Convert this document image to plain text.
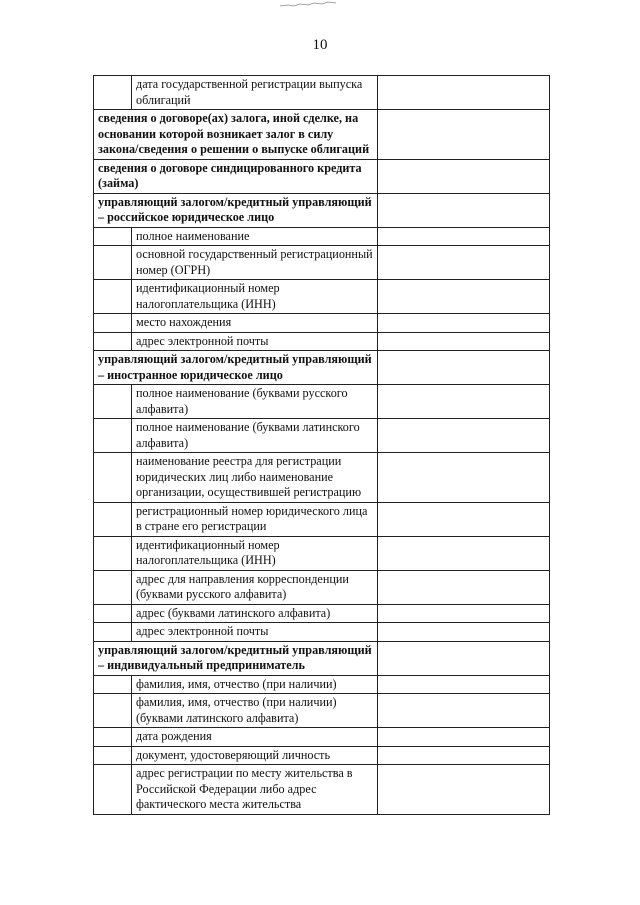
10
	дата государственной регистрации выпуска облигаций	
сведения о договоре(ах) залога, иной сделке, на основании которой возникает залог в силу закона/сведения о решении о выпуске облигаций		
сведения о договоре синдицированного кредита (займа)		
управляющий залогом/кредитный управляющий – российское юридическое лицо		
	полное наименование	
	основной государственный регистрационный номер (ОГРН)	
	идентификационный номер налогоплательщика (ИНН)	
	место нахождения	
	адрес электронной почты	
управляющий залогом/кредитный управляющий – иностранное юридическое лицо		
	полное наименование (буквами русского алфавита)	
	полное наименование (буквами латинского алфавита)	
	наименование реестра для регистрации юридических лиц либо наименование организации, осуществившей регистрацию	
	регистрационный номер юридического лица в стране его регистрации	
	идентификационный номер налогоплательщика (ИНН)	
	адрес для направления корреспонденции (буквами русского алфавита)	
	адрес (буквами латинского алфавита)	
	адрес электронной почты	
управляющий залогом/кредитный управляющий – индивидуальный предприниматель		
	фамилия, имя, отчество (при наличии)	
	фамилия, имя, отчество (при наличии) (буквами латинского алфавита)	
	дата рождения	
	документ, удостоверяющий личность	
	адрес регистрации по месту жительства в Российской Федерации либо адрес фактического места жительства	
